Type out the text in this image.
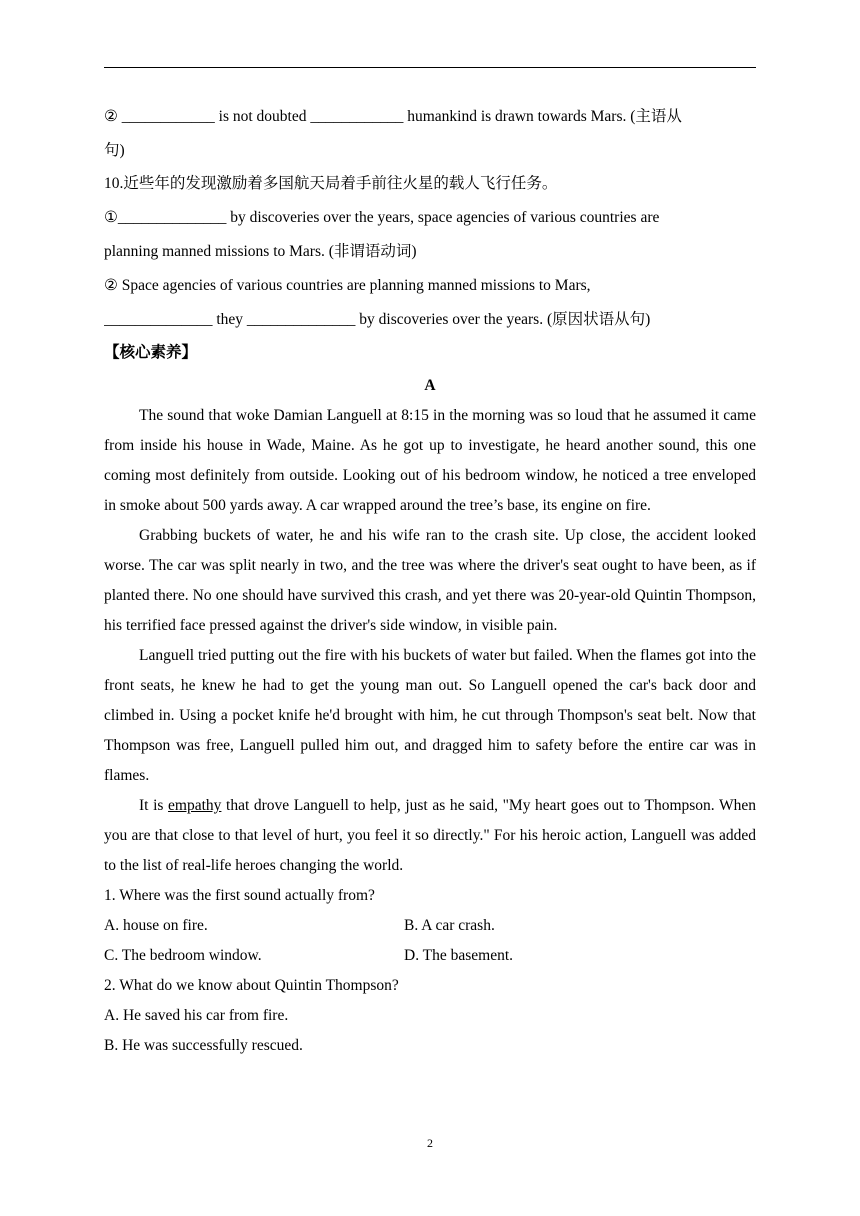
② ____________ is not doubted ____________ humankind is drawn towards Mars. (主语从
句)
10.近些年的发现激励着多国航天局着手前往火星的载人飞行任务。
①______________ by discoveries over the years, space agencies of various countries are
planning manned missions to Mars. (非谓语动词)
② Space agencies of various countries are planning manned missions to Mars,
______________ they ______________ by discoveries over the years. (原因状语从句)
【核心素养】
A
The sound that woke Damian Languell at 8:15 in the morning was so loud that he assumed it came from inside his house in Wade, Maine. As he got up to investigate, he heard another sound, this one coming most definitely from outside. Looking out of his bedroom window, he noticed a tree enveloped in smoke about 500 yards away. A car wrapped around the tree’s base, its engine on fire.
Grabbing buckets of water, he and his wife ran to the crash site. Up close, the accident looked worse. The car was split nearly in two, and the tree was where the driver's seat ought to have been, as if planted there. No one should have survived this crash, and yet there was 20-year-old Quintin Thompson, his terrified face pressed against the driver's side window, in visible pain.
Languell tried putting out the fire with his buckets of water but failed. When the flames got into the front seats, he knew he had to get the young man out. So Languell opened the car's back door and climbed in. Using a pocket knife he'd brought with him, he cut through Thompson's seat belt. Now that Thompson was free, Languell pulled him out, and dragged him to safety before the entire car was in flames.
It is empathy that drove Languell to help, just as he said, "My heart goes out to Thompson. When you are that close to that level of hurt, you feel it so directly." For his heroic action, Languell was added to the list of real-life heroes changing the world.
1. Where was the first sound actually from?
A. house on fire.	B. A car crash.
C. The bedroom window.	D. The basement.
2. What do we know about Quintin Thompson?
A. He saved his car from fire.
B. He was successfully rescued.
2
